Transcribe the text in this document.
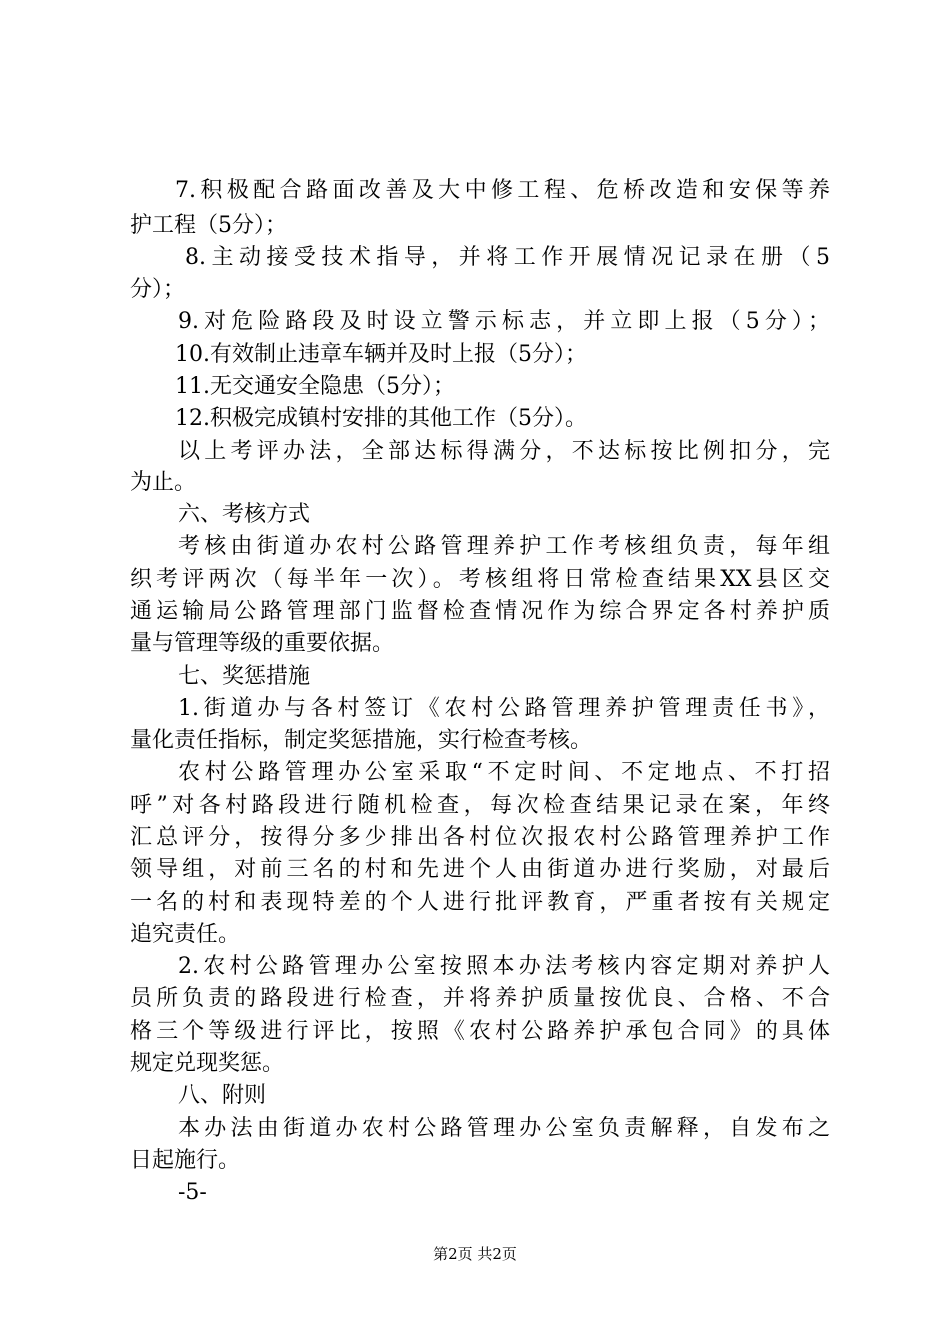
7.积极配合路面改善及大中修工程、危桥改造和安保等养
护工程（5分）；
8.主动接受技术指导，并将工作开展情况记录在册（5
分）；
9.对危险路段及时设立警示标志，并立即上报（5分）；
10.有效制止违章车辆并及时上报（5分）；
11.无交通安全隐患（5分）；
12.积极完成镇村安排的其他工作（5分）。
以上考评办法，全部达标得满分，不达标按比例扣分，完
为止。
六、考核方式
考核由街道办农村公路管理养护工作考核组负责，每年组
织考评两次（每半年一次）。考核组将日常检查结果XX县区交
通运输局公路管理部门监督检查情况作为综合界定各村养护质
量与管理等级的重要依据。
七、奖惩措施
1.街道办与各村签订《农村公路管理养护管理责任书》，
量化责任指标，制定奖惩措施，实行检查考核。
农村公路管理办公室采取“不定时间、不定地点、不打招
呼”对各村路段进行随机检查，每次检查结果记录在案，年终
汇总评分，按得分多少排出各村位次报农村公路管理养护工作
领导组，对前三名的村和先进个人由街道办进行奖励，对最后
一名的村和表现特差的个人进行批评教育，严重者按有关规定
追究责任。
2.农村公路管理办公室按照本办法考核内容定期对养护人
员所负责的路段进行检查，并将养护质量按优良、合格、不合
格三个等级进行评比，按照《农村公路养护承包合同》的具体
规定兑现奖惩。
八、附则
本办法由街道办农村公路管理办公室负责解释，自发布之
日起施行。
-5-
第2页 共2页
